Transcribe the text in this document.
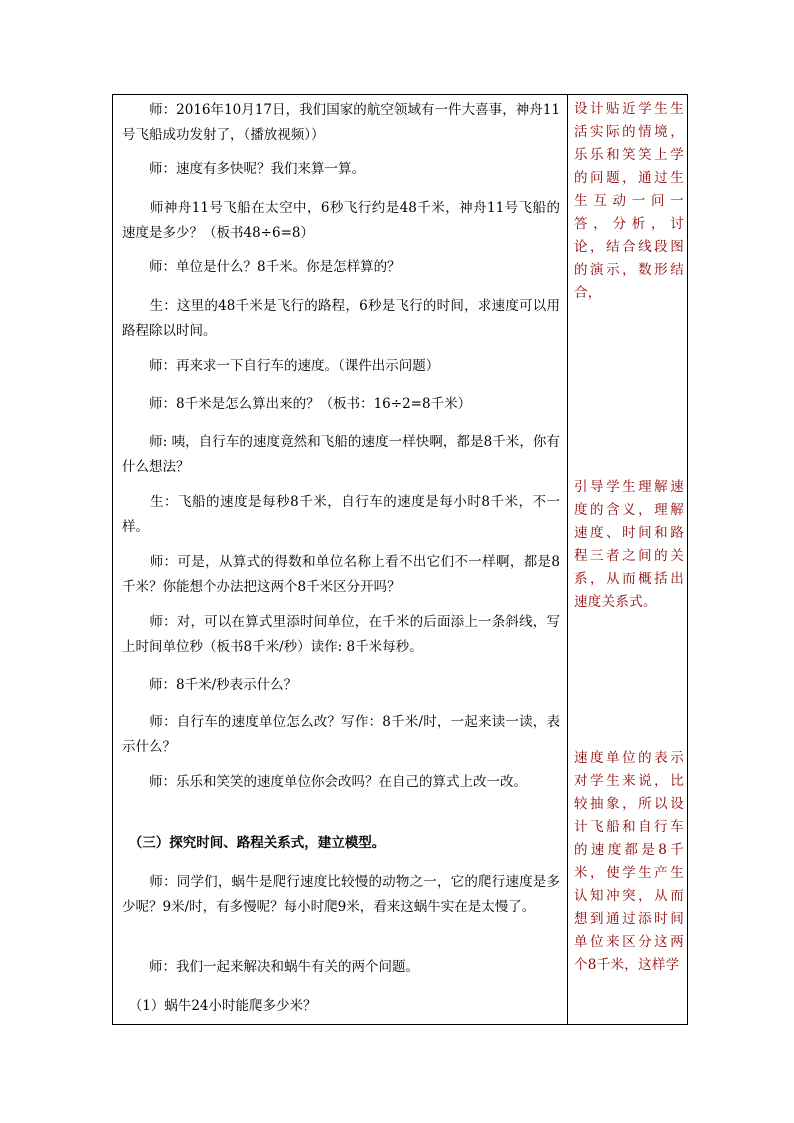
　　师：2016年10月17日，我们国家的航空领域有一件大喜事，神舟11号飞船成功发射了，（播放视频））

　　师：速度有多快呢？我们来算一算。

　　师神舟11号飞船在太空中，6秒飞行约是48千米，神舟11号飞船的速度是多少？（板书48÷6=8）

　　师：单位是什么？8千米。你是怎样算的？

　　生：这里的48千米是飞行的路程，6秒是飞行的时间，求速度可以用路程除以时间。

　　师：再来求一下自行车的速度。（课件出示问题）

　　师：8千米是怎么算出来的？（板书：16÷2=8千米）

　　师: 咦，自行车的速度竟然和飞船的速度一样快啊，都是8千米，你有什么想法？

　　生：飞船的速度是每秒8千米，自行车的速度是每小时8千米，不一样。

　　师：可是，从算式的得数和单位名称上看不出它们不一样啊，都是8千米？你能想个办法把这两个8千米区分开吗？

　　师：对，可以在算式里添时间单位，在千米的后面添上一条斜线，写上时间单位秒（板书8千米/秒）读作: 8千米每秒。

　　师：8千米/秒表示什么？

　　师：自行车的速度单位怎么改？写作：8千米/时，一起来读一读，表示什么？

　　师：乐乐和笑笑的速度单位你会改吗？在自己的算式上改一改。

　（三）探究时间、路程关系式，建立模型。

　　师：同学们，蜗牛是爬行速度比较慢的动物之一，它的爬行速度是多少呢？9米/时，有多慢呢？每小时爬9米，看来这蜗牛实在是太慢了。

　　师：我们一起来解决和蜗牛有关的两个问题。

　（1）蜗牛24小时能爬多少米？

设计贴近学生生活实际的情境，乐乐和笑笑上学的问题，通过生生互动一问一答，分析，讨论，结合线段图的演示，数形结合，

引导学生理解速度的含义，理解速度、时间和路程三者之间的关系，从而概括出速度关系式。

速度单位的表示对学生来说，比较抽象，所以设计飞船和自行车的速度都是8千米，使学生产生认知冲突，从而想到通过添时间单位来区分这两个8千米，这样学
